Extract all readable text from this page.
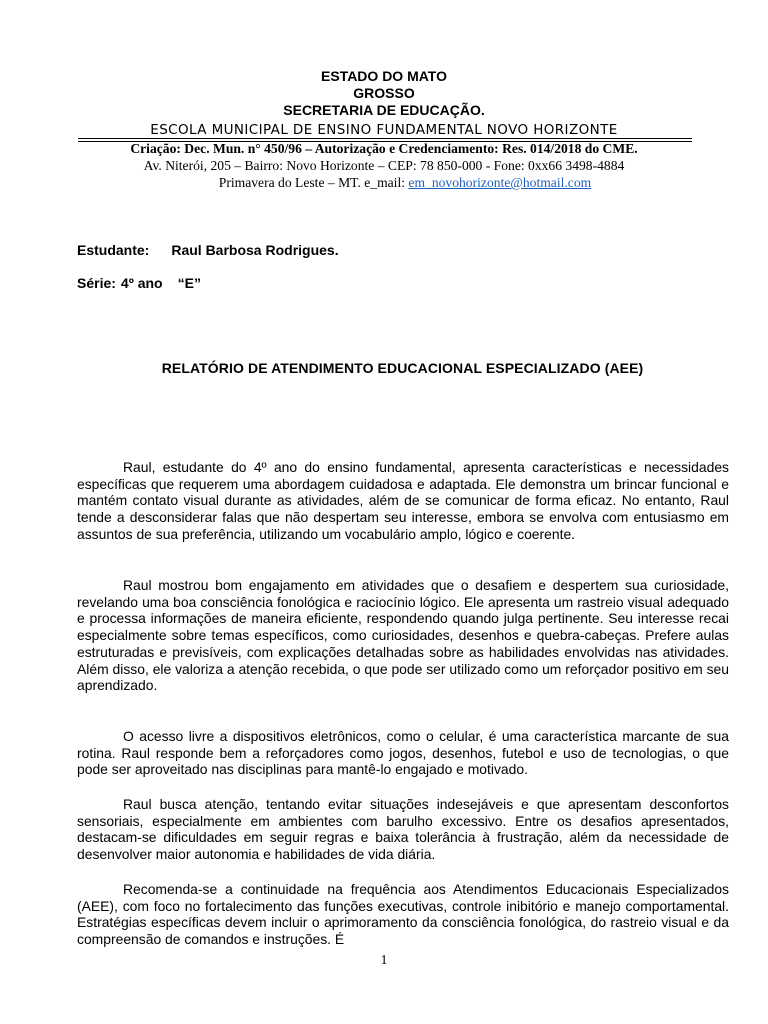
ESTADO DO MATO
GROSSO
SECRETARIA DE EDUCAÇÃO.
ESCOLA MUNICIPAL DE ENSINO FUNDAMENTAL NOVO HORIZONTE
Criação: Dec. Mun. n° 450/96 – Autorização e Credenciamento: Res. 014/2018 do CME.
Av. Niterói, 205 – Bairro: Novo Horizonte – CEP: 78 850-000 - Fone: 0xx66 3498-4884
Primavera do Leste – MT. e_mail: em_novohorizonte@hotmail.com
Estudante: Raul Barbosa Rodrigues.
Série: 4º ano “E”
RELATÓRIO DE ATENDIMENTO EDUCACIONAL ESPECIALIZADO (AEE)

Raul, estudante do 4º ano do ensino fundamental, apresenta características e necessidades específicas que requerem uma abordagem cuidadosa e adaptada. Ele demonstra um brincar funcional e mantém contato visual durante as atividades, além de se comunicar de forma eficaz. No entanto, Raul tende a desconsiderar falas que não despertam seu interesse, embora se envolva com entusiasmo em assuntos de sua preferência, utilizando um vocabulário amplo, lógico e coerente.

Raul mostrou bom engajamento em atividades que o desafiem e despertem sua curiosidade, revelando uma boa consciência fonológica e raciocínio lógico. Ele apresenta um rastreio visual adequado e processa informações de maneira eficiente, respondendo quando julga pertinente. Seu interesse recai especialmente sobre temas específicos, como curiosidades, desenhos e quebra-cabeças. Prefere aulas estruturadas e previsíveis, com explicações detalhadas sobre as habilidades envolvidas nas atividades. Além disso, ele valoriza a atenção recebida, o que pode ser utilizado como um reforçador positivo em seu aprendizado.

O acesso livre a dispositivos eletrônicos, como o celular, é uma característica marcante de sua rotina. Raul responde bem a reforçadores como jogos, desenhos, futebol e uso de tecnologias, o que pode ser aproveitado nas disciplinas para mantê-lo engajado e motivado.

Raul busca atenção, tentando evitar situações indesejáveis e que apresentam desconfortos sensoriais, especialmente em ambientes com barulho excessivo. Entre os desafios apresentados, destacam-se dificuldades em seguir regras e baixa tolerância à frustração, além da necessidade de desenvolver maior autonomia e habilidades de vida diária.

Recomenda-se a continuidade na frequência aos Atendimentos Educacionais Especializados (AEE), com foco no fortalecimento das funções executivas, controle inibitório e manejo comportamental. Estratégias específicas devem incluir o aprimoramento da consciência fonológica, do rastreio visual e da compreensão de comandos e instruções. É

1
